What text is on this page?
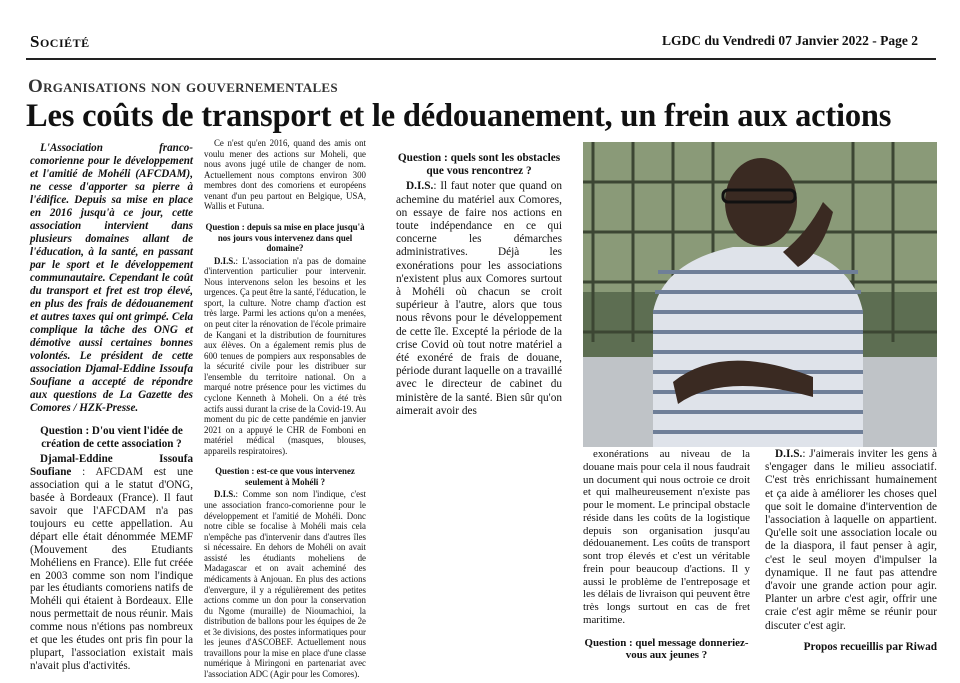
Société	LGDC du Vendredi 07 Janvier 2022 - Page 2
Organisations non gouvernementales
Les coûts de transport et le dédouanement, un frein aux actions

L'Association franco-comorienne pour le développement et l'amitié de Mohéli (AFCDAM), ne cesse d'apporter sa pierre à l'édifice. Depuis sa mise en place en 2016 jusqu'à ce jour, cette association intervient dans plusieurs domaines allant de l'éducation, à la santé, en passant par le sport et le développement communautaire. Cependant le coût du transport et fret est trop élevé, en plus des frais de dédouanement et autres taxes qui ont grimpé. Cela complique la tâche des ONG et démotive aussi certaines bonnes volontés. Le président de cette association Djamal-Eddine Issoufa Soufiane a accepté de répondre aux questions de La Gazette des Comores / HZK-Presse.

Question : D'ou vient l'idée de création de cette association ?

Djamal-Eddine Issoufa Soufiane : AFCDAM est une association qui a le statut d'ONG, basée à Bordeaux (France). Il faut savoir que l'AFCDAM n'a pas toujours eu cette appellation. Au départ elle était dénommée MEMF (Mouvement des Etudiants Mohéliens en France). Elle fut créée en 2003 comme son nom l'indique par les étudiants comoriens natifs de Mohéli qui étaient à Bordeaux. Elle nous permettait de nous réunir. Mais comme nous n'étions pas nombreux et que les études ont pris fin pour la plupart, l'association existait mais n'avait plus d'activités.

Ce n'est qu'en 2016, quand des amis ont voulu mener des actions sur Moheli, que nous avons jugé utile de changer de nom. Actuellement nous comptons environ 300 membres dont des comoriens et européens venant d'un peu partout en Belgique, USA, Wallis et Futuna.

Question : depuis sa mise en place jusqu'à nos jours vous intervenez dans quel domaine?

D.I.S.: L'association n'a pas de domaine d'intervention particulier pour intervenir. Nous intervenons selon les besoins et les urgences. Ça peut être la santé, l'éducation, le sport, la culture. Notre champ d'action est très large. Parmi les actions qu'on a menées, on peut citer la rénovation de l'école primaire de Kangani et la distribution de fournitures aux élèves. On a également remis plus de 600 tenues de pompiers aux responsables de la sécurité civile pour les distribuer sur l'ensemble du territoire national. On a marqué notre présence pour les victimes du cyclone Kenneth à Moheli. On a été très actifs aussi durant la crise de la Covid-19. Au moment du pic de cette pandémie en janvier 2021 on a appuyé le CHR de Fomboni en matériel médical (masques, blouses, appareils respiratoires).

Question : est-ce que vous intervenez seulement à Mohéli ?

D.I.S.: Comme son nom l'indique, c'est une association franco-comorienne pour le développement et l'amitié de Mohéli. Donc notre cible se focalise à Mohéli mais cela n'empêche pas d'intervenir dans d'autres îles si nécessaire. En dehors de Mohéli on avait assisté les étudiants moheliens de Madagascar et on avait acheminé des médicaments à Anjouan. En plus des actions d'envergure, il y a régulièrement des petites actions comme un don pour la conservation du Ngome (muraille) de Nioumachioi, la distribution de ballons pour les équipes de 2e et 3e divisions, des postes informatiques pour les jeunes d'ASCOBEF. Actuellement nous travaillons pour la mise en place d'une classe numérique à Miringoni en partenariat avec l'association ADC (Agir pour les Comores).

Question : quels sont les obstacles que vous rencontrez ?

D.I.S.: Il faut noter que quand on achemine du matériel aux Comores, on essaye de faire nos actions en toute indépendance en ce qui concerne les démarches administratives. Déjà les exonérations pour les associations n'existent plus aux Comores surtout à Mohéli où chacun se croit supérieur à l'autre, alors que tous nous rêvons pour le développement de cette île. Excepté la période de la crise Covid où tout notre matériel a été exonéré de frais de douane, période durant laquelle on a travaillé avec le directeur de cabinet du ministère de la santé. Bien sûr qu'on aimerait avoir des

exonérations au niveau de la douane mais pour cela il nous faudrait un document qui nous octroie ce droit et qui malheureusement n'existe pas pour le moment. Le principal obstacle réside dans les coûts de la logistique depuis son organisation jusqu'au dédouanement. Les coûts de transport sont trop élevés et c'est un véritable frein pour beaucoup d'actions. Il y aussi le problème de l'entreposage et les délais de livraison qui peuvent être très longs surtout en cas de fret maritime.

Question : quel message donneriez-vous aux jeunes ?

D.I.S.: J'aimerais inviter les gens à s'engager dans le milieu associatif. C'est très enrichissant humainement et ça aide à améliorer les choses quel que soit le domaine d'intervention de l'association à laquelle on appartient. Qu'elle soit une association locale ou de la diaspora, il faut penser à agir, c'est le seul moyen d'impulser la dynamique. Il ne faut pas attendre d'avoir une grande action pour agir. Planter un arbre c'est agir, offrir une craie c'est agir même se réunir pour discuter c'est agir.

Propos recueillis par Riwad
